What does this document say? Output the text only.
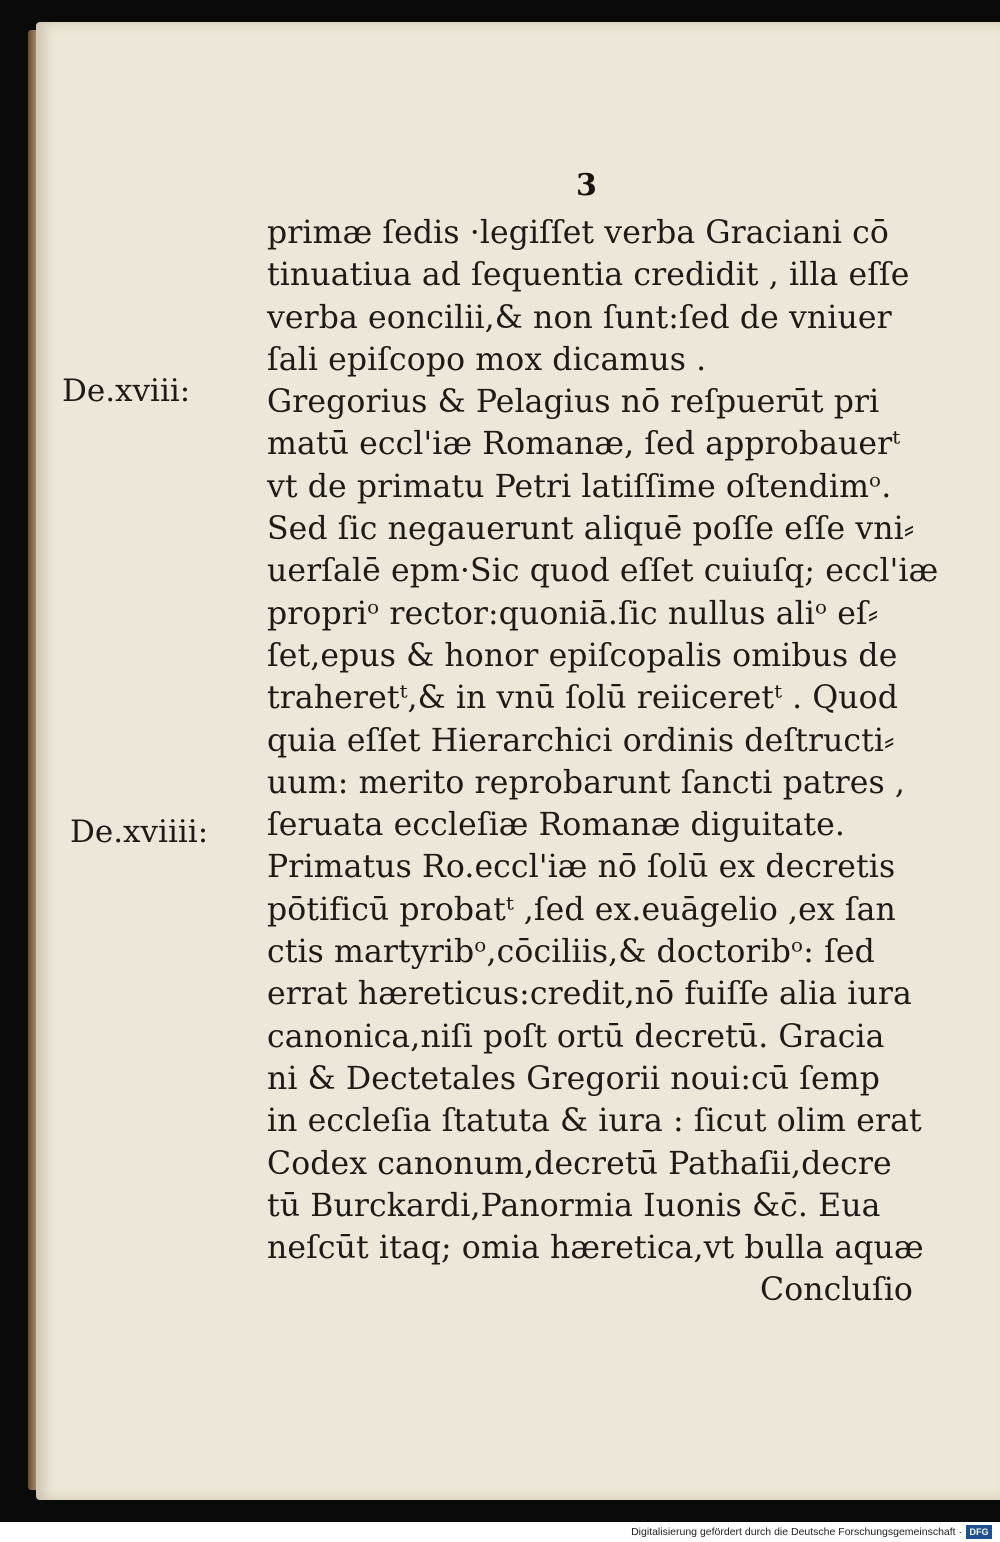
3
De.xviii:
De.xviiii:
primæ ſedis ·legiſſet verba Graciani cō
tinuatiua ad ſequentia credidit , illa eſſe
verba eoncilii,& non ſunt:ſed de vniuer
ſali epiſcopo mox dicamus .
Gregorius & Pelagius nō reſpuerūt pri
matū eccl'iæ Romanæ, ſed approbauerᵗ
vt de primatu Petri latiſſime oſtendimᵒ.
Sed ſic negauerunt aliquē poſſe eſſe vni⸗
uerſalē epm·Sic quod eſſet cuiuſq; eccl'iæ
propriᵒ rector:quoniā.ſic nullus aliᵒ eſ⸗
ſet,epus & honor epiſcopalis omibus de
traheretᵗ,& in vnū ſolū reiiceretᵗ . Quod
quia eſſet Hierarchici ordinis deſtructi⸗
uum: merito reprobarunt ſancti patres ,
ſeruata eccleſiæ Romanæ diguitate.
Primatus Ro.eccl'iæ nō ſolū ex decretis
pōtificū probatᵗ ,ſed ex.euāgelio ,ex ſan
ctis martyribᵒ,cōciliis,& doctoribᵒ: ſed
errat hæreticus:credit,nō fuiſſe alia iura
canonica,niſi poſt ortū decretū. Gracia
ni & Dectetales Gregorii noui:cū ſemp
in eccleſia ſtatuta & iura : ſicut olim erat
Codex canonum,decretū Pathaſii,decre
tū Burckardi,Panormia Iuonis &c̄. Eua
neſcūt itaq; omia hæretica,vt bulla aquæ
Concluſio
Digitalisierung gefördert durch die Deutsche Forschungsgemeinschaft · DFG
